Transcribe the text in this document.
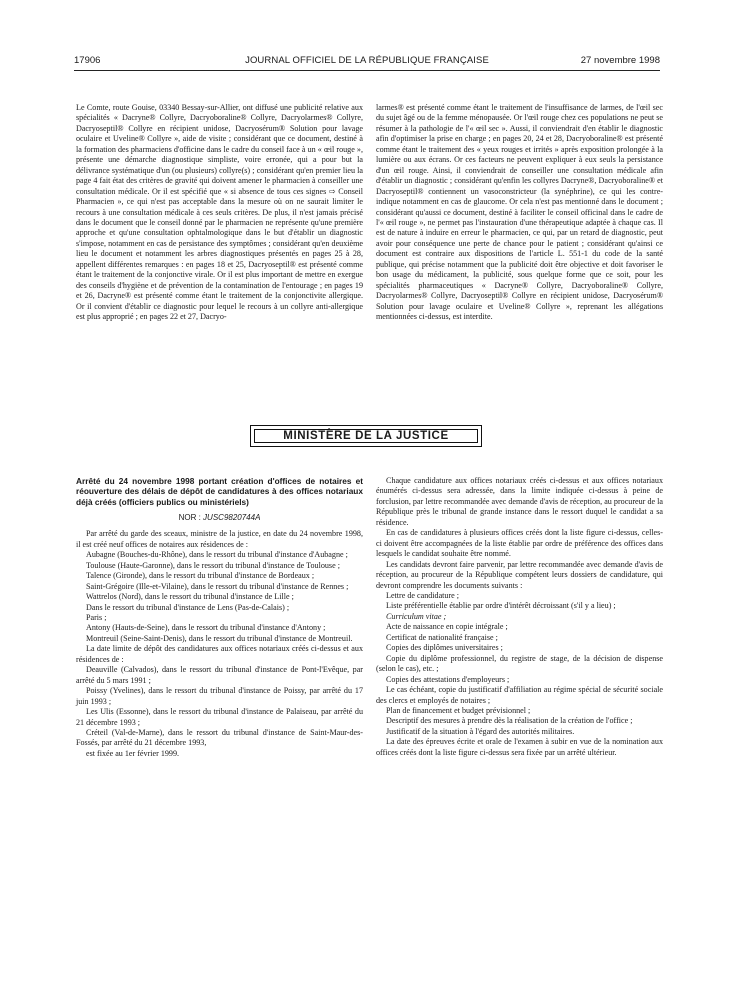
17906	JOURNAL OFFICIEL DE LA RÉPUBLIQUE FRANÇAISE	27 novembre 1998

Le Comte, route Gouise, 03340 Bessay-sur-Allier, ont diffusé une publicité relative aux spécialités « Dacryne® Collyre, Dacryoboraline® Collyre, Dacryolarmes® Collyre, Dacryoseptil® Collyre en récipient unidose, Dacryosérum® Solution pour lavage oculaire et Uveline® Collyre », aide de visite ; considérant que ce document, destiné à la formation des pharmaciens d'officine dans le cadre du conseil face à un « œil rouge », présente une démarche diagnostique simpliste, voire erronée, qui a pour but la délivrance systématique d'un (ou plusieurs) collyre(s) ; considérant qu'en premier lieu la page 4 fait état des critères de gravité qui doivent amener le pharmacien à conseiller une consultation médicale. Or il est spécifié que « si absence de tous ces signes ⇨ Conseil Pharmacien », ce qui n'est pas acceptable dans la mesure où on ne saurait limiter le recours à une consultation médicale à ces seuls critères. De plus, il n'est jamais précisé dans le document que le conseil donné par le pharmacien ne représente qu'une première approche et qu'une consultation ophtalmologique dans le but d'établir un diagnostic s'impose, notamment en cas de persistance des symptômes ; considérant qu'en deuxième lieu le document et notamment les arbres diagnostiques présentés en pages 25 à 28, appellent différentes remarques : en pages 18 et 25, Dacryoseptil® est présenté comme étant le traitement de la conjonctive virale. Or il est plus important de mettre en exergue des conseils d'hygiène et de prévention de la contamination de l'entourage ; en pages 19 et 26, Dacryne® est présenté comme étant le traitement de la conjonctivite allergique. Or il convient d'établir ce diagnostic pour lequel le recours à un collyre anti-allergique est plus approprié ; en pages 22 et 27, Dacryo-

larmes® est présenté comme étant le traitement de l'insuffisance de larmes, de l'œil sec du sujet âgé ou de la femme ménopausée. Or l'œil rouge chez ces populations ne peut se résumer à la pathologie de l'« œil sec ». Aussi, il conviendrait d'en établir le diagnostic afin d'optimiser la prise en charge ; en pages 20, 24 et 28, Dacryoboraline® est présenté comme étant le traitement des « yeux rouges et irrités » après exposition prolongée à la lumière ou aux écrans. Or ces facteurs ne peuvent expliquer à eux seuls la persistance d'un œil rouge. Ainsi, il conviendrait de conseiller une consultation médicale afin d'établir un diagnostic ; considérant qu'enfin les collyres Dacryne®, Dacryoboraline® et Dacryoseptil® contiennent un vasoconstricteur (la synéphrine), ce qui les contre-indique notamment en cas de glaucome. Or cela n'est pas mentionné dans le document ; considérant qu'aussi ce document, destiné à faciliter le conseil officinal dans le cadre de l'« œil rouge », ne permet pas l'instauration d'une thérapeutique adaptée à chaque cas. Il est de nature à induire en erreur le pharmacien, ce qui, par un retard de diagnostic, peut avoir pour conséquence une perte de chance pour le patient ; considérant qu'ainsi ce document est contraire aux dispositions de l'article L. 551-1 du code de la santé publique, qui précise notamment que la publicité doit être objective et doit favoriser le bon usage du médicament, la publicité, sous quelque forme que ce soit, pour les spécialités pharmaceutiques « Dacryne® Collyre, Dacryoboraline® Collyre, Dacryolarmes® Collyre, Dacryoseptil® Collyre en récipient unidose, Dacryosérum® Solution pour lavage oculaire et Uveline® Collyre », reprenant les allégations mentionnées ci-dessus, est interdite.

MINISTÈRE DE LA JUSTICE

Arrêté du 24 novembre 1998 portant création d'offices de notaires et réouverture des délais de dépôt de candidatures à des offices notariaux déjà créés (officiers publics ou ministériels)

NOR : JUSC9820744A

Par arrêté du garde des sceaux, ministre de la justice, en date du 24 novembre 1998, il est créé neuf offices de notaires aux résidences de :

Aubagne (Bouches-du-Rhône), dans le ressort du tribunal d'instance d'Aubagne ;

Toulouse (Haute-Garonne), dans le ressort du tribunal d'instance de Toulouse ;

Talence (Gironde), dans le ressort du tribunal d'instance de Bordeaux ;

Saint-Grégoire (Ille-et-Vilaine), dans le ressort du tribunal d'instance de Rennes ;

Wattrelos (Nord), dans le ressort du tribunal d'instance de Lille ;

Dans le ressort du tribunal d'instance de Lens (Pas-de-Calais) ;

Paris ;

Antony (Hauts-de-Seine), dans le ressort du tribunal d'instance d'Antony ;

Montreuil (Seine-Saint-Denis), dans le ressort du tribunal d'instance de Montreuil.

La date limite de dépôt des candidatures aux offices notariaux créés ci-dessus et aux résidences de :

Deauville (Calvados), dans le ressort du tribunal d'instance de Pont-l'Evêque, par arrêté du 5 mars 1991 ;

Poissy (Yvelines), dans le ressort du tribunal d'instance de Poissy, par arrêté du 17 juin 1993 ;

Les Ulis (Essonne), dans le ressort du tribunal d'instance de Palaiseau, par arrêté du 21 décembre 1993 ;

Créteil (Val-de-Marne), dans le ressort du tribunal d'instance de Saint-Maur-des-Fossés, par arrêté du 21 décembre 1993,

est fixée au 1er février 1999.

Chaque candidature aux offices notariaux créés ci-dessus et aux offices notariaux énumérés ci-dessus sera adressée, dans la limite indiquée ci-dessus à peine de forclusion, par lettre recommandée avec demande d'avis de réception, au procureur de la République près le tribunal de grande instance dans le ressort duquel le candidat a sa résidence.

En cas de candidatures à plusieurs offices créés dont la liste figure ci-dessus, celles-ci doivent être accompagnées de la liste établie par ordre de préférence des offices dans lesquels le candidat souhaite être nommé.

Les candidats devront faire parvenir, par lettre recommandée avec demande d'avis de réception, au procureur de la République compétent leurs dossiers de candidature, qui devront comprendre les documents suivants :

Lettre de candidature ;

Liste préférentielle établie par ordre d'intérêt décroissant (s'il y a lieu) ;

Curriculum vitae ;

Acte de naissance en copie intégrale ;

Certificat de nationalité française ;

Copies des diplômes universitaires ;

Copie du diplôme professionnel, du registre de stage, de la décision de dispense (selon le cas), etc. ;

Copies des attestations d'employeurs ;

Le cas échéant, copie du justificatif d'affiliation au régime spécial de sécurité sociale des clercs et employés de notaires ;

Plan de financement et budget prévisionnel ;

Descriptif des mesures à prendre dès la réalisation de la création de l'office ;

Justificatif de la situation à l'égard des autorités militaires.

La date des épreuves écrite et orale de l'examen à subir en vue de la nomination aux offices créés dont la liste figure ci-dessus sera fixée par un arrêté ultérieur.
